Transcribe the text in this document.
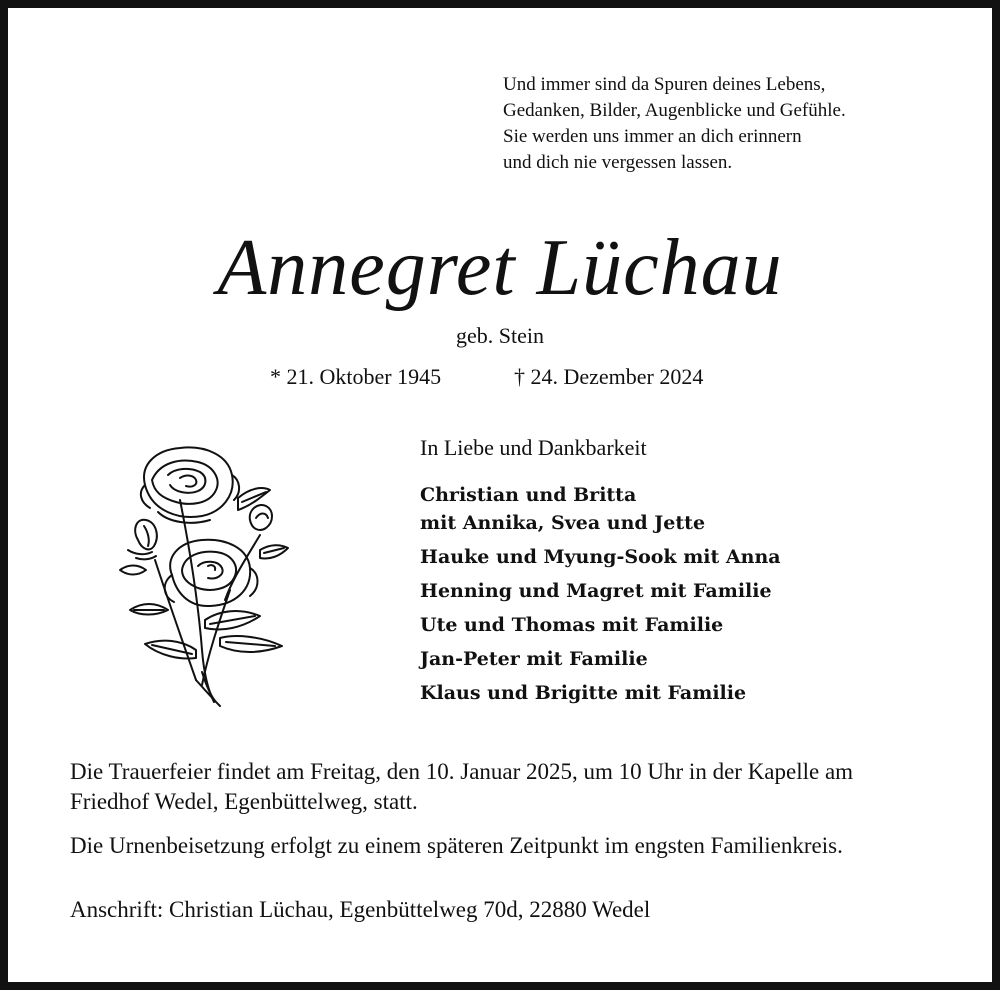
Und immer sind da Spuren deines Lebens,
Gedanken, Bilder, Augenblicke und Gefühle.
Sie werden uns immer an dich erinnern
und dich nie vergessen lassen.
Annegret Lüchau
geb. Stein
* 21. Oktober 1945	† 24. Dezember 2024
In Liebe und Dankbarkeit
Christian und Britta
mit Annika, Svea und Jette
Hauke und Myung-Sook mit Anna
Henning und Magret mit Familie
Ute und Thomas mit Familie
Jan-Peter mit Familie
Klaus und Brigitte mit Familie
Die Trauerfeier findet am Freitag, den 10. Januar 2025, um 10 Uhr in der Kapelle am
Friedhof Wedel, Egenbüttelweg, statt.
Die Urnenbeisetzung erfolgt zu einem späteren Zeitpunkt im engsten Familienkreis.
Anschrift: Christian Lüchau, Egenbüttelweg 70d, 22880 Wedel
